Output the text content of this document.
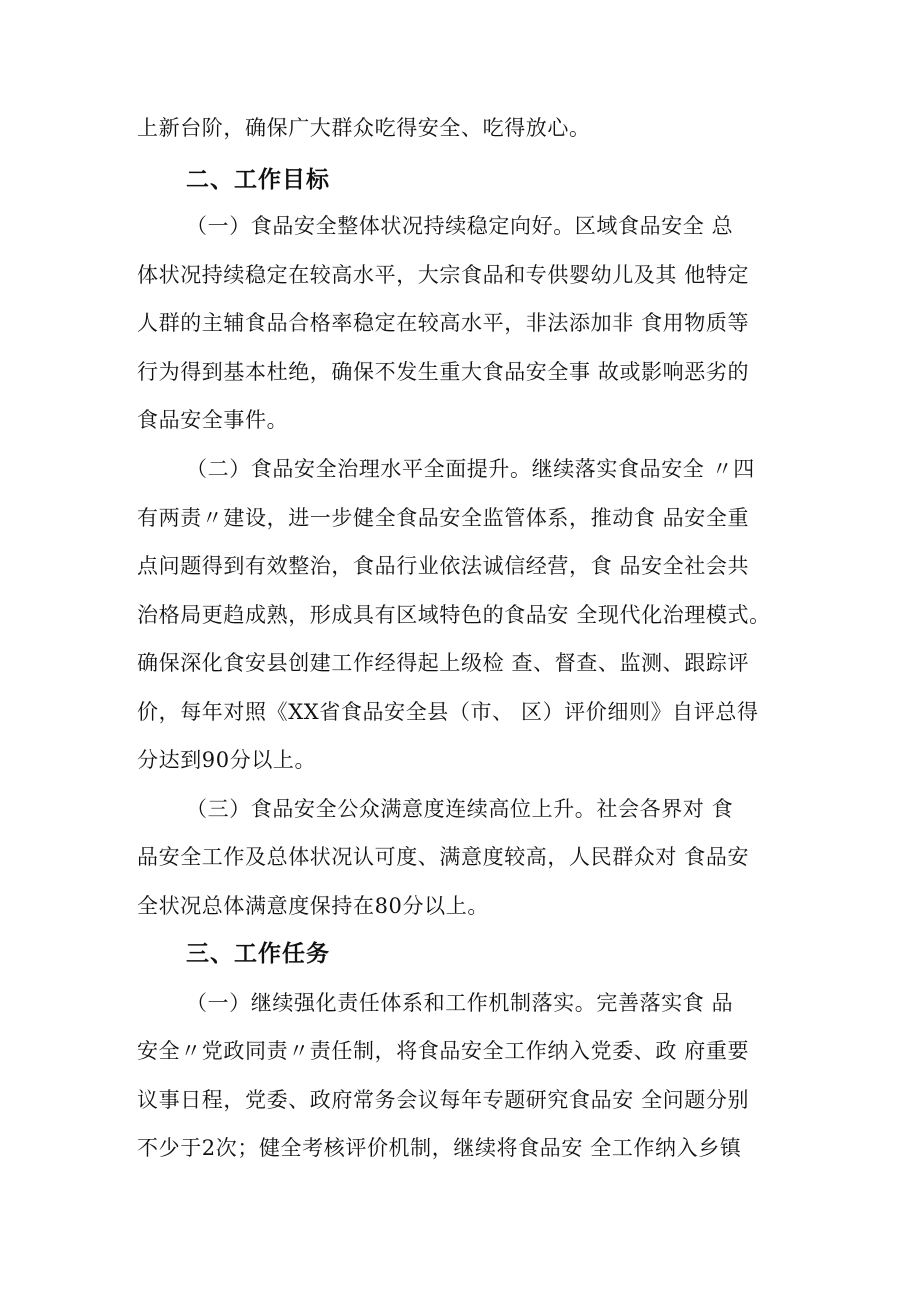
上新台阶，确保广大群众吃得安全、吃得放心。
二、工作目标
（一）食品安全整体状况持续稳定向好。区域食品安全 总
体状况持续稳定在较高水平，大宗食品和专供婴幼儿及其 他特定
人群的主辅食品合格率稳定在较高水平，非法添加非 食用物质等
行为得到基本杜绝，确保不发生重大食品安全事 故或影响恶劣的
食品安全事件。
（二）食品安全治理水平全面提升。继续落实食品安全 〃四
有两责〃建设，进一步健全食品安全监管体系，推动食 品安全重
点问题得到有效整治，食品行业依法诚信经营，食 品安全社会共
治格局更趋成熟，形成具有区域特色的食品安 全现代化治理模式。
确保深化食安县创建工作经得起上级检 查、督查、监测、跟踪评
价，每年对照《XX省食品安全县（市、 区）评价细则》自评总得
分达到90分以上。
（三）食品安全公众满意度连续高位上升。社会各界对 食
品安全工作及总体状况认可度、满意度较高，人民群众对 食品安
全状况总体满意度保持在80分以上。
三、工作任务
（一）继续强化责任体系和工作机制落实。完善落实食 品
安全〃党政同责〃责任制，将食品安全工作纳入党委、政 府重要
议事日程，党委、政府常务会议每年专题研究食品安 全问题分别
不少于2次；健全考核评价机制，继续将食品安 全工作纳入乡镇
